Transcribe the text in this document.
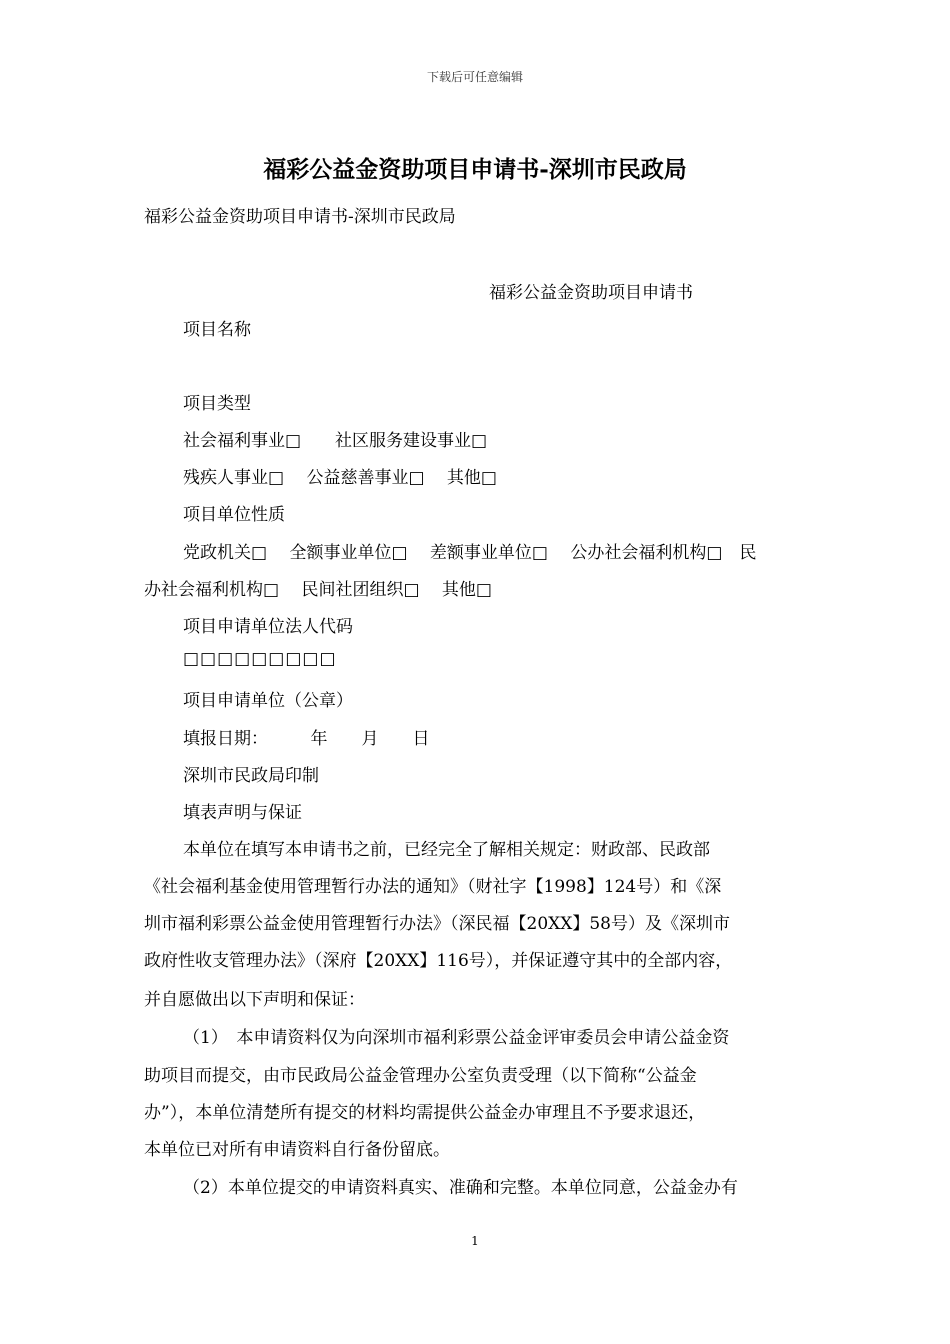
下载后可任意编辑
福彩公益金资助项目申请书-深圳市民政局
福彩公益金资助项目申请书-深圳市民政局
福彩公益金资助项目申请书
项目名称
项目类型
社会福利事业□　　社区服务建设事业□
残疾人事业□　 公益慈善事业□　 其他□
项目单位性质
党政机关□　 全额事业单位□　 差额事业单位□　 公办社会福利机构□　民
办社会福利机构□　 民间社团组织□　 其他□
项目申请单位法人代码
□□□□□□□□□
项目申请单位（公章）
填报日期：　　　年　　月　　日
深圳市民政局印制
填表声明与保证
本单位在填写本申请书之前，已经完全了解相关规定：财政部、民政部
《社会福利基金使用管理暂行办法的通知》（财社字【1998】124号）和《深
圳市福利彩票公益金使用管理暂行办法》（深民福【20XX】58号）及《深圳市
政府性收支管理办法》（深府【20XX】116号），并保证遵守其中的全部内容，
并自愿做出以下声明和保证：
（1）　本申请资料仅为向深圳市福利彩票公益金评审委员会申请公益金资
助项目而提交，由市民政局公益金管理办公室负责受理（以下简称“公益金
办”），本单位清楚所有提交的材料均需提供公益金办审理且不予要求退还，
本单位已对所有申请资料自行备份留底。
（2）本单位提交的申请资料真实、准确和完整。本单位同意，公益金办有
1
